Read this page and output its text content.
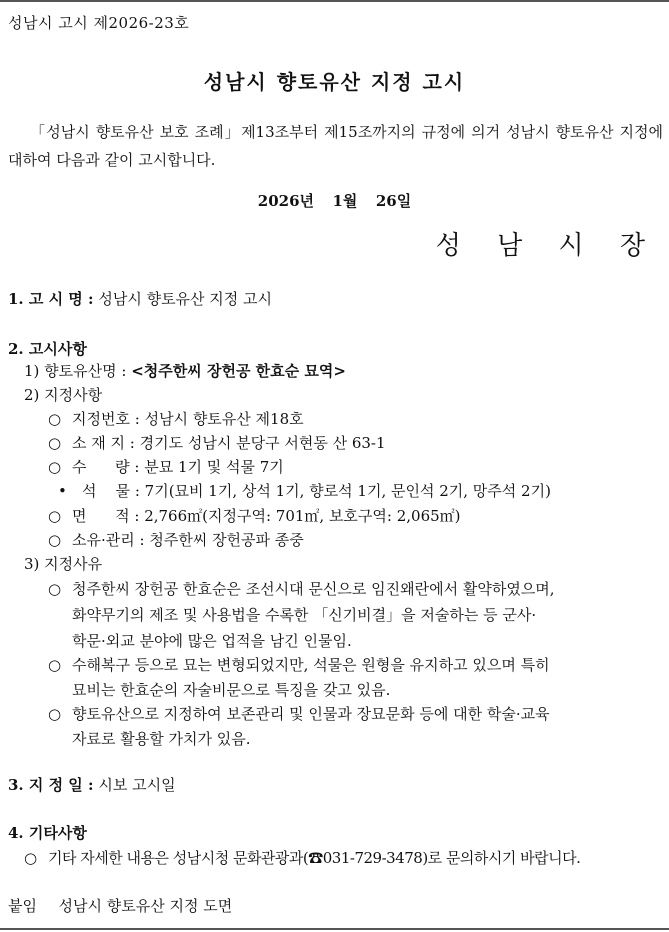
성남시 고시 제2026-23호
성남시 향토유산 지정 고시
「성남시 향토유산 보호 조례」제13조부터 제15조까지의 규정에 의거 성남시 향토유산 지정에 대하여 다음과 같이 고시합니다.
2026년  1월  26일
성 남 시 장
1. 고 시 명 : 성남시 향토유산 지정 고시
2. 고시사항
1) 향토유산명 : <청주한씨 장헌공 한효순 묘역>
2) 지정사항
○ 지정번호 : 성남시 향토유산 제18호
○ 소 재 지 : 경기도 성남시 분당구 서현동 산 63-1
○ 수      량 : 분묘 1기 및 석물 7기
• 석    물 : 7기(묘비 1기, 상석 1기, 향로석 1기, 문인석 2기, 망주석 2기)
○ 면      적 : 2,766㎡(지정구역: 701㎡, 보호구역: 2,065㎡)
○ 소유·관리 : 청주한씨 장헌공파 종중
3) 지정사유
○ 청주한씨 장헌공 한효순은 조선시대 문신으로 임진왜란에서 활약하였으며,
화약무기의 제조 및 사용법을 수록한 「신기비결」을 저술하는 등 군사·
학문·외교 분야에 많은 업적을 남긴 인물임.
○ 수해복구 등으로 묘는 변형되었지만, 석물은 원형을 유지하고 있으며 특히
묘비는 한효순의 자술비문으로 특징을 갖고 있음.
○ 향토유산으로 지정하여 보존관리 및 인물과 장묘문화 등에 대한 학술·교육
자료로 활용할 가치가 있음.
3. 지 정 일 : 시보 고시일
4. 기타사항
○ 기타 자세한 내용은 성남시청 문화관광과(☎031-729-3478)로 문의하시기 바랍니다.
붙임 성남시 향토유산 지정 도면
